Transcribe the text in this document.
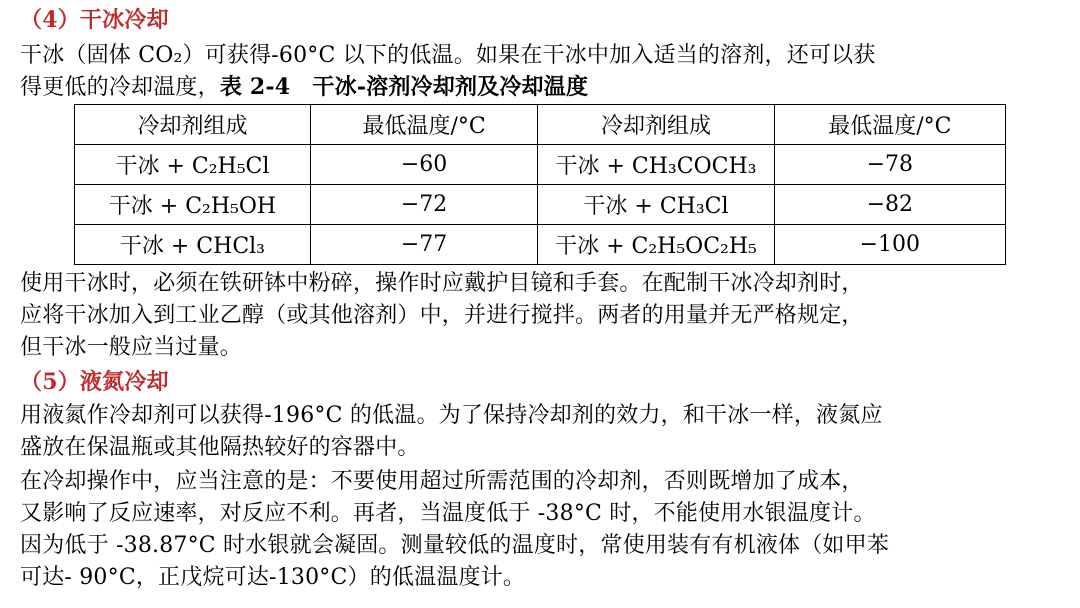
（4）干冰冷却
干冰（固体 CO₂）可获得-60°C 以下的低温。如果在干冰中加入适当的溶剂，还可以获
得更低的冷却温度，表 2-4　干冰-溶剂冷却剂及冷却温度
冷却剂组成	最低温度/°C	冷却剂组成	最低温度/°C
干冰 + C₂H₅Cl	−60	干冰 + CH₃COCH₃	−78
干冰 + C₂H₅OH	−72	干冰 + CH₃Cl	−82
干冰 + CHCl₃	−77	干冰 + C₂H₅OC₂H₅	−100
使用干冰时，必须在铁研钵中粉碎，操作时应戴护目镜和手套。在配制干冰冷却剂时，
应将干冰加入到工业乙醇（或其他溶剂）中，并进行搅拌。两者的用量并无严格规定，
但干冰一般应当过量。
（5）液氮冷却
用液氮作冷却剂可以获得-196°C 的低温。为了保持冷却剂的效力，和干冰一样，液氮应
盛放在保温瓶或其他隔热较好的容器中。
在冷却操作中，应当注意的是：不要使用超过所需范围的冷却剂，否则既增加了成本，
又影响了反应速率，对反应不利。再者，当温度低于 -38°C 时，不能使用水银温度计。
因为低于 -38.87°C 时水银就会凝固。测量较低的温度时，常使用装有有机液体（如甲苯
可达- 90°C，正戊烷可达-130°C）的低温温度计。
